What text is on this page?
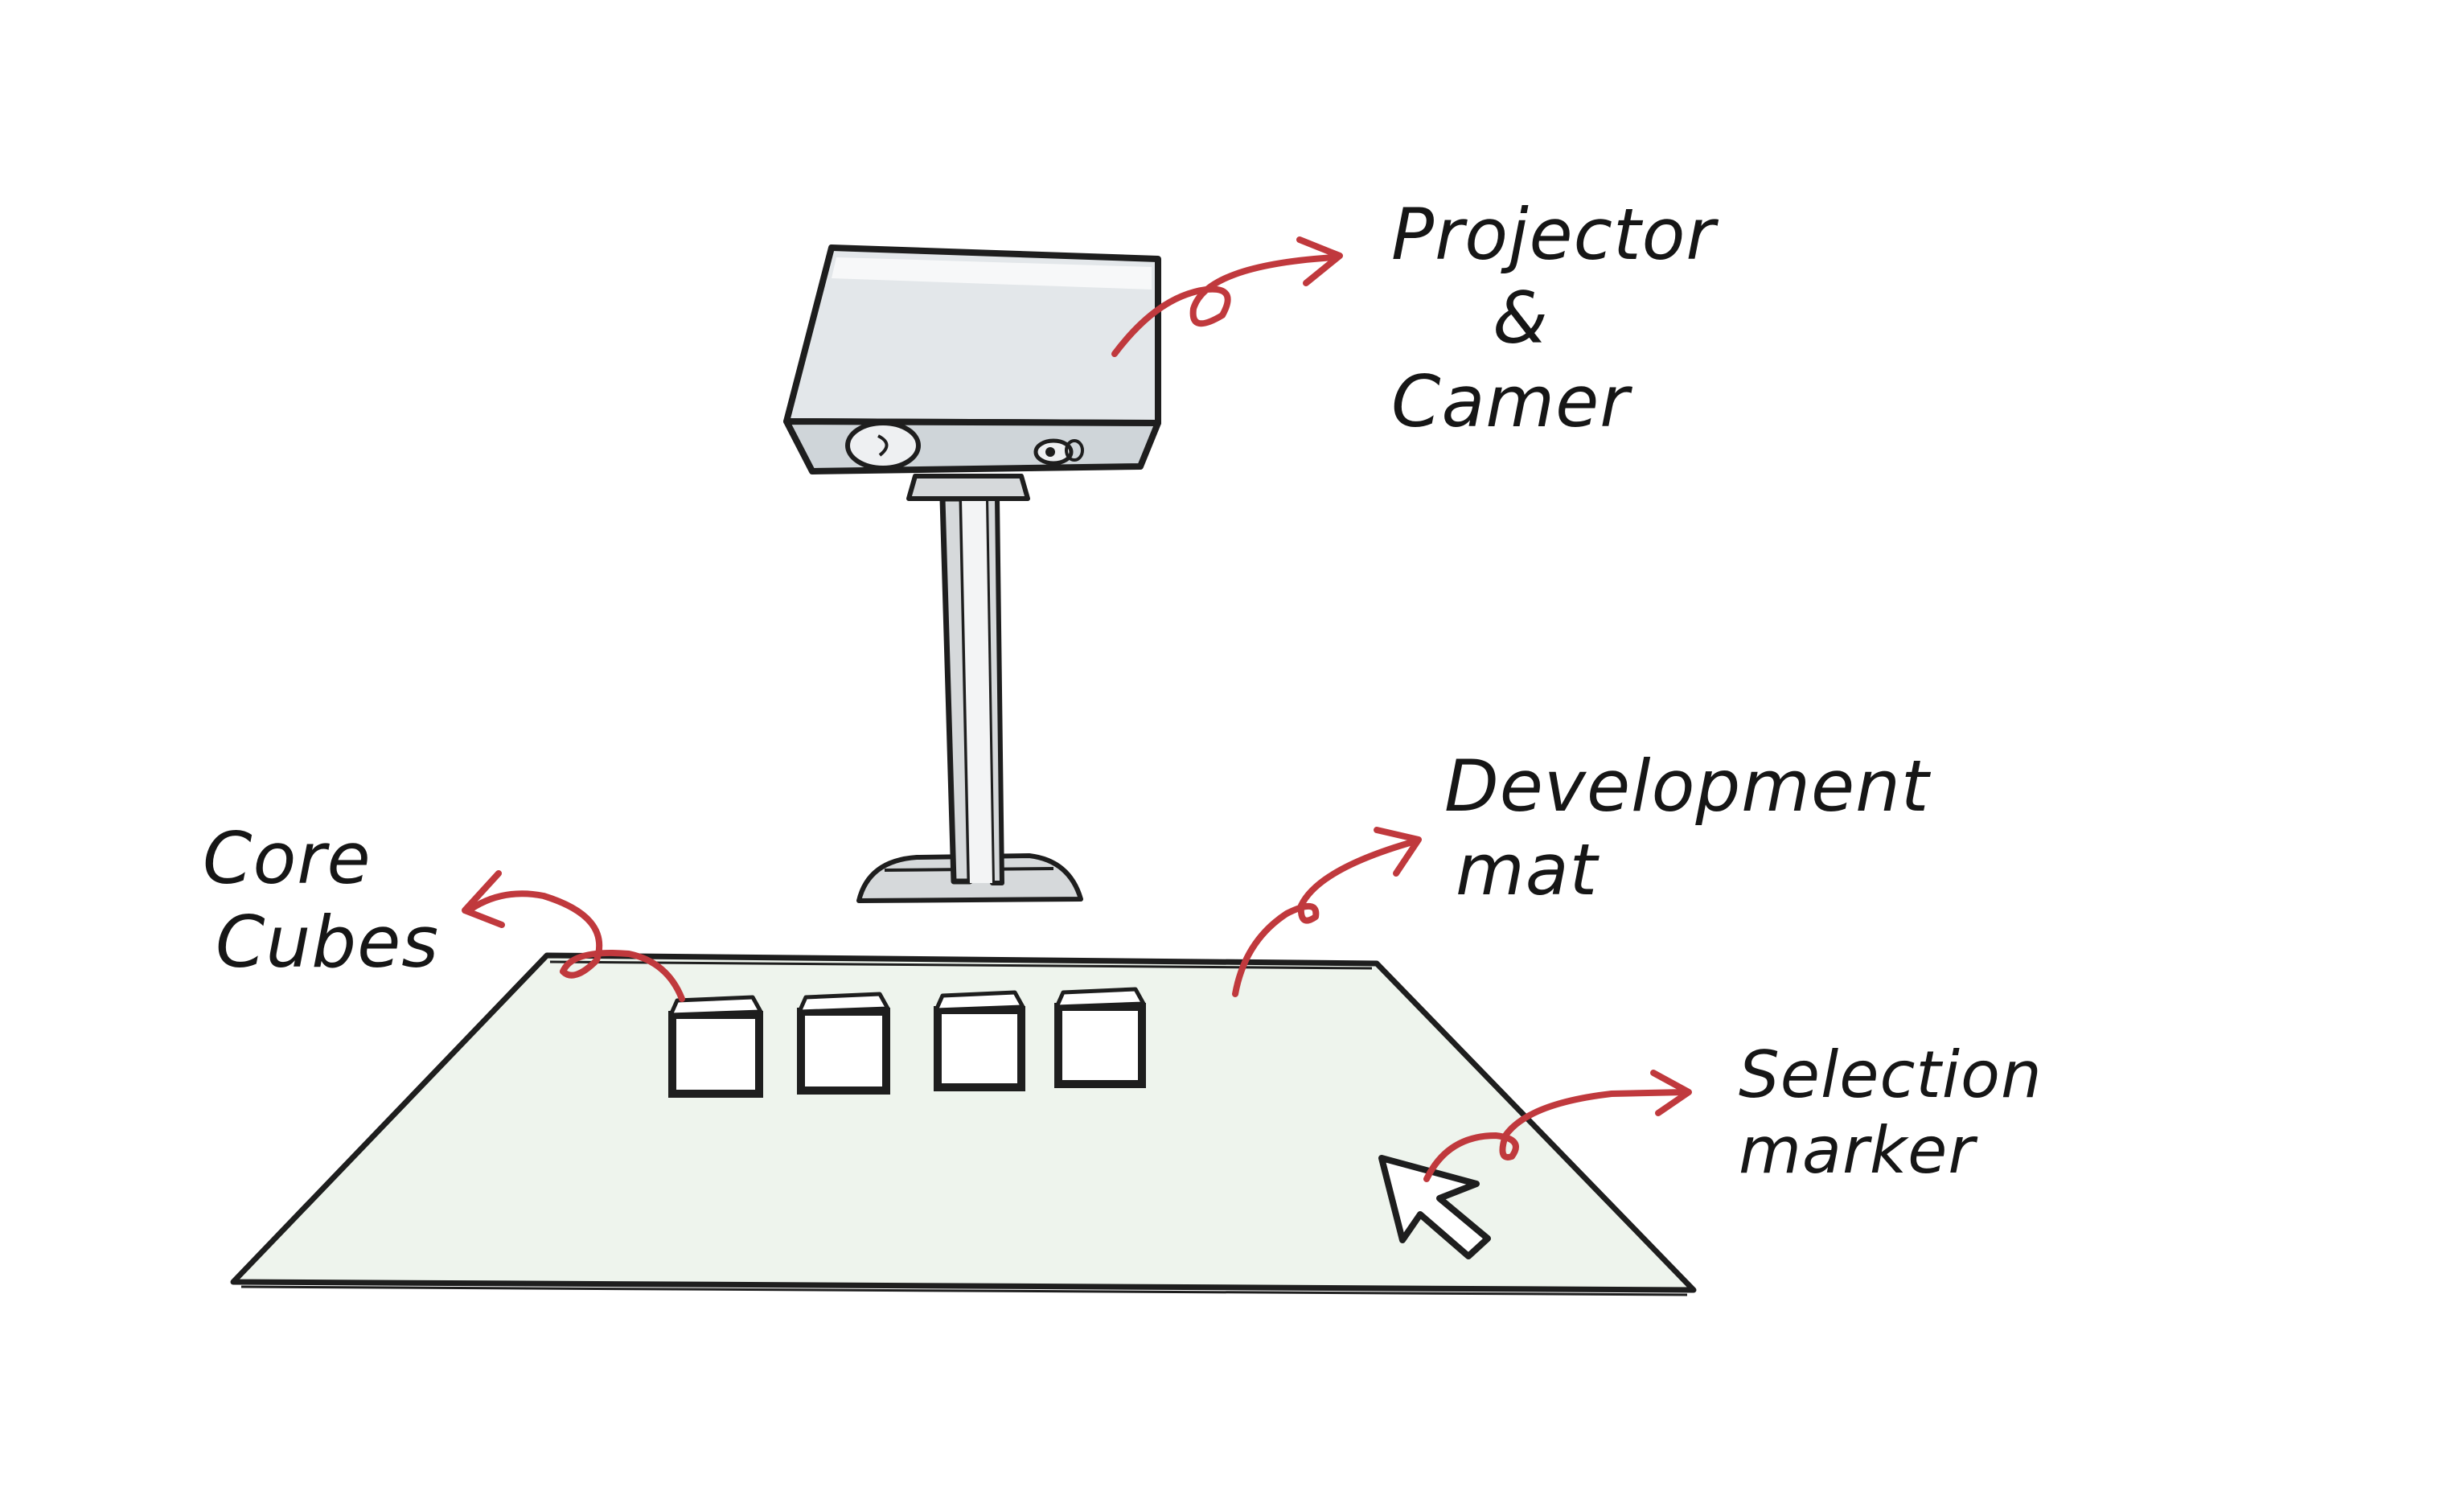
Projector
&
Camer
Core
Cubes
Development
mat
Selection
marker
